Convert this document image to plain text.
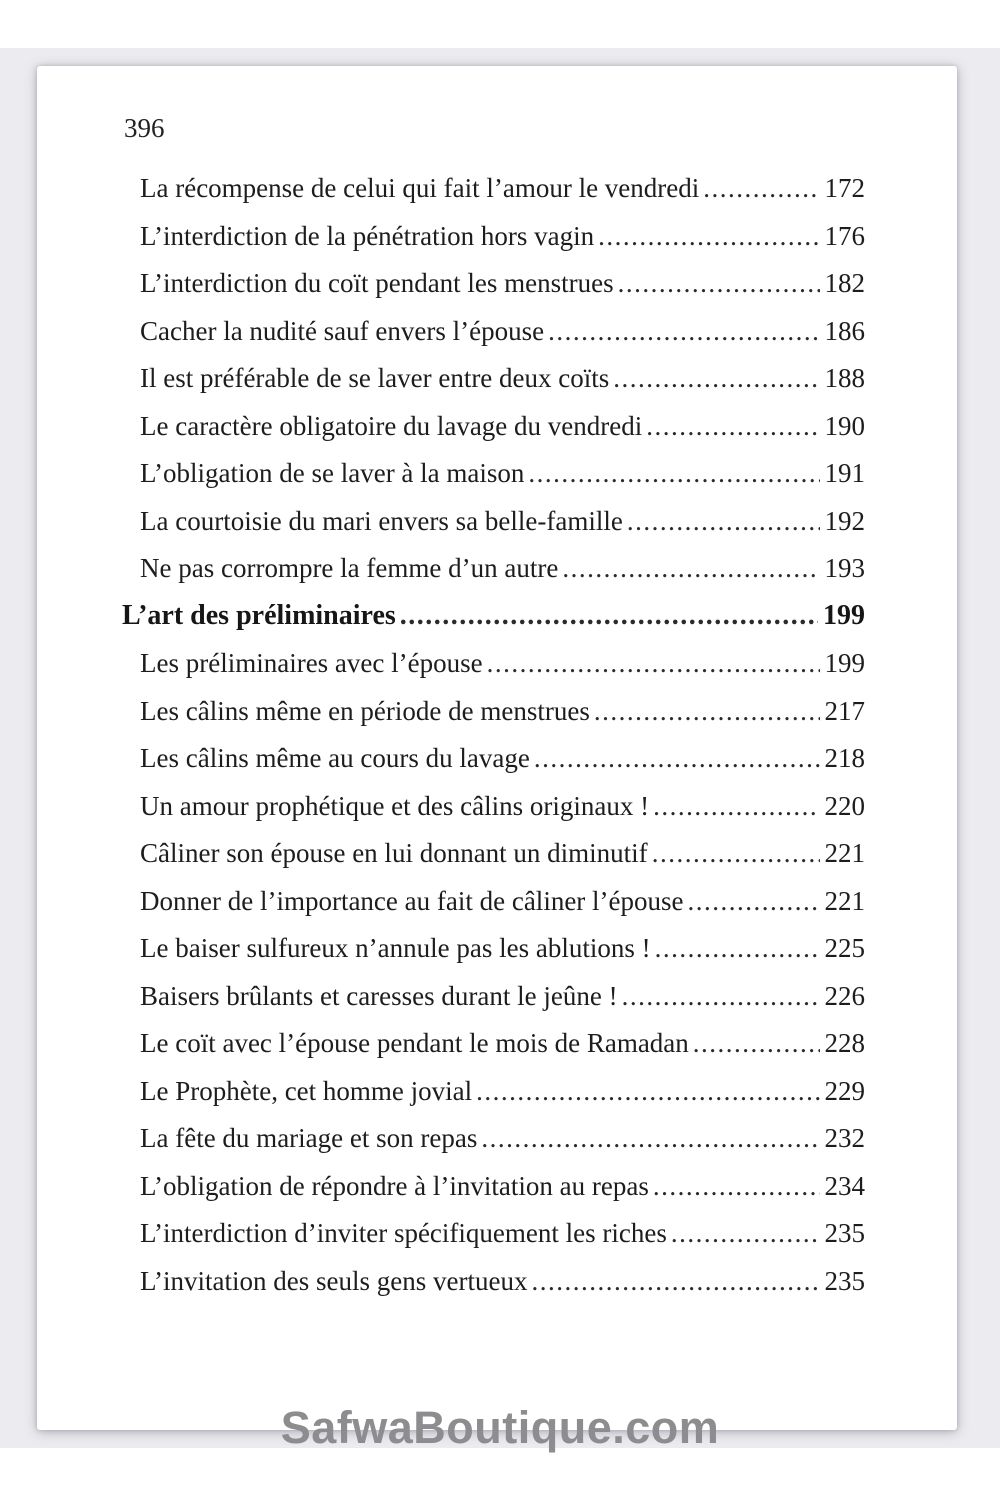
396
La récompense de celui qui fait l’amour le vendredi .....	172
L’interdiction de la pénétration hors vagin .....	176
L’interdiction du coït pendant les menstrues .....	182
Cacher la nudité sauf envers l’épouse .....	186
Il est préférable de se laver entre deux coïts .....	188
Le caractère obligatoire du lavage du vendredi .....	190
L’obligation de se laver à la maison .....	191
La courtoisie du mari envers sa belle-famille .....	192
Ne pas corrompre la femme d’un autre .....	193
L’art des préliminaires .....	199
Les préliminaires avec l’épouse .....	199
Les câlins même en période de menstrues .....	217
Les câlins même au cours du lavage .....	218
Un amour prophétique et des câlins originaux ! .....	220
Câliner son épouse en lui donnant un diminutif .....	221
Donner de l’importance au fait de câliner l’épouse .....	221
Le baiser sulfureux n’annule pas les ablutions ! .....	225
Baisers brûlants et caresses durant le jeûne ! .....	226
Le coït avec l’épouse pendant le mois de Ramadan .....	228
Le Prophète, cet homme jovial .....	229
La fête du mariage et son repas .....	232
L’obligation de répondre à l’invitation au repas .....	234
L’interdiction d’inviter spécifiquement les riches .....	235
L’invitation des seuls gens vertueux .....	235
SafwaBoutique.com
